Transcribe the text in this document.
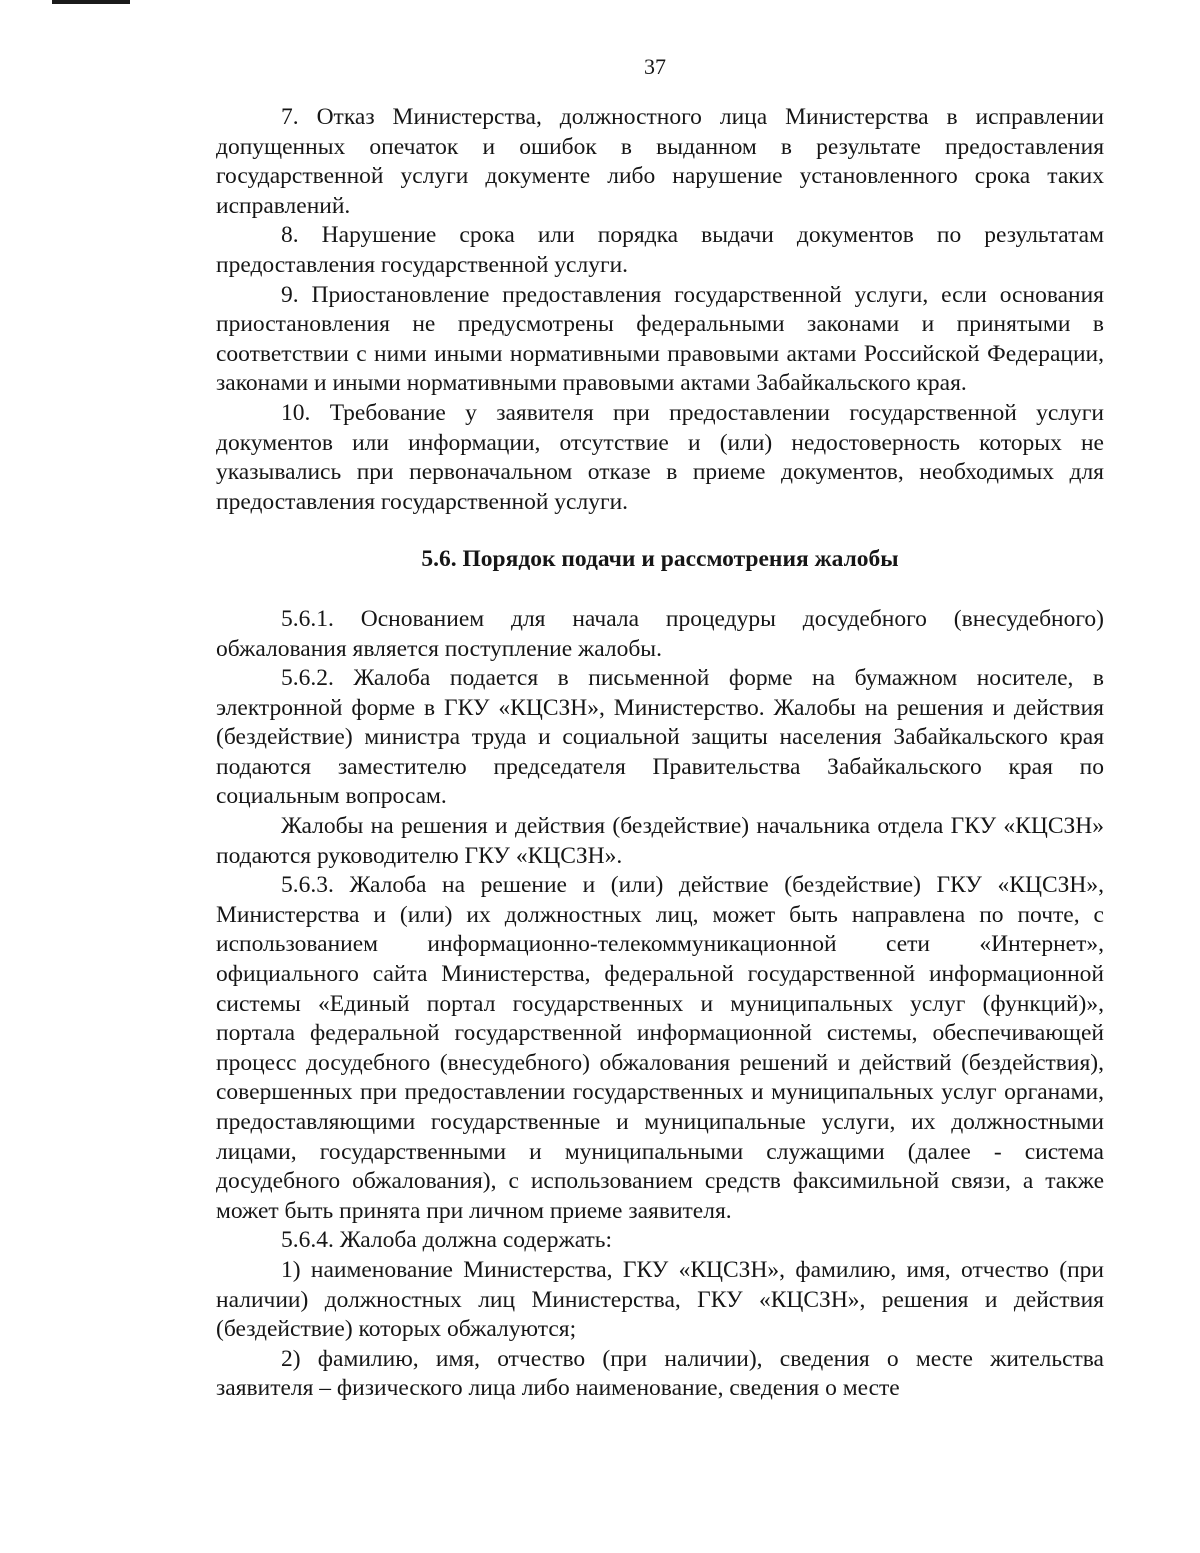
37

7. Отказ Министерства, должностного лица Министерства в исправлении допущенных опечаток и ошибок в выданном в результате предоставления государственной услуги документе либо нарушение установленного срока таких исправлений.

8. Нарушение срока или порядка выдачи документов по результатам предоставления государственной услуги.

9. Приостановление предоставления государственной услуги, если основания приостановления не предусмотрены федеральными законами и принятыми в соответствии с ними иными нормативными правовыми актами Российской Федерации, законами и иными нормативными правовыми актами Забайкальского края.

10. Требование у заявителя при предоставлении государственной услуги документов или информации, отсутствие и (или) недостоверность которых не указывались при первоначальном отказе в приеме документов, необходимых для предоставления государственной услуги.

5.6. Порядок подачи и рассмотрения жалобы

5.6.1. Основанием для начала процедуры досудебного (внесудебного) обжалования является поступление жалобы.

5.6.2. Жалоба подается в письменной форме на бумажном носителе, в электронной форме в ГКУ «КЦСЗН», Министерство. Жалобы на решения и действия (бездействие) министра труда и социальной защиты населения Забайкальского края подаются заместителю председателя Правительства Забайкальского края по социальным вопросам.

Жалобы на решения и действия (бездействие) начальника отдела ГКУ «КЦСЗН» подаются руководителю ГКУ «КЦСЗН».

5.6.3. Жалоба на решение и (или) действие (бездействие) ГКУ «КЦСЗН», Министерства и (или) их должностных лиц, может быть направлена по почте, с использованием информационно-телекоммуникационной сети «Интернет», официального сайта Министерства, федеральной государственной информационной системы «Единый портал государственных и муниципальных услуг (функций)», портала федеральной государственной информационной системы, обеспечивающей процесс досудебного (внесудебного) обжалования решений и действий (бездействия), совершенных при предоставлении государственных и муниципальных услуг органами, предоставляющими государственные и муниципальные услуги, их должностными лицами, государственными и муниципальными служащими (далее - система досудебного обжалования), с использованием средств факсимильной связи, а также может быть принята при личном приеме заявителя.

5.6.4. Жалоба должна содержать:

1) наименование Министерства, ГКУ «КЦСЗН», фамилию, имя, отчество (при наличии) должностных лиц Министерства, ГКУ «КЦСЗН», решения и действия (бездействие) которых обжалуются;

2) фамилию, имя, отчество (при наличии), сведения о месте жительства заявителя – физического лица либо наименование, сведения о месте
